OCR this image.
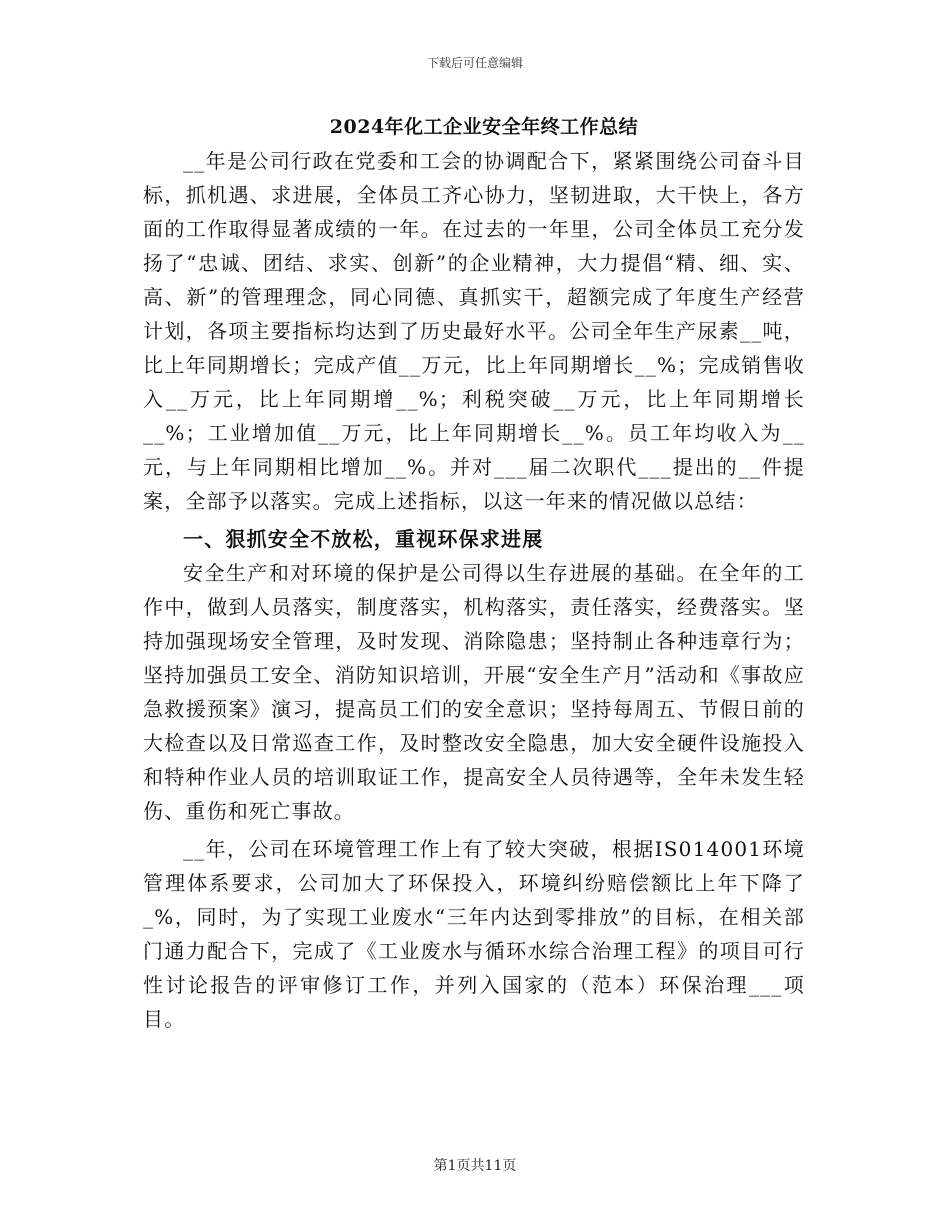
下载后可任意编辑
2024年化工企业安全年终工作总结

__年是公司行政在党委和工会的协调配合下，紧紧围绕公司奋斗目标，抓机遇、求进展，全体员工齐心协力，坚韧进取，大干快上，各方面的工作取得显著成绩的一年。在过去的一年里，公司全体员工充分发扬了“忠诚、团结、求实、创新”的企业精神，大力提倡“精、细、实、高、新”的管理理念，同心同德、真抓实干，超额完成了年度生产经营计划，各项主要指标均达到了历史最好水平。公司全年生产尿素__吨，比上年同期增长；完成产值__万元，比上年同期增长__%；完成销售收入__万元，比上年同期增__%；利税突破__万元，比上年同期增长__%；工业增加值__万元，比上年同期增长__%。员工年均收入为__元，与上年同期相比增加__%。并对___届二次职代___提出的__件提案，全部予以落实。完成上述指标，以这一年来的情况做以总结：

一、狠抓安全不放松，重视环保求进展

安全生产和对环境的保护是公司得以生存进展的基础。在全年的工作中，做到人员落实，制度落实，机构落实，责任落实，经费落实。坚持加强现场安全管理，及时发现、消除隐患；坚持制止各种违章行为；坚持加强员工安全、消防知识培训，开展“安全生产月”活动和《事故应急救援预案》演习，提高员工们的安全意识；坚持每周五、节假日前的大检查以及日常巡查工作，及时整改安全隐患，加大安全硬件设施投入和特种作业人员的培训取证工作，提高安全人员待遇等，全年未发生轻伤、重伤和死亡事故。

__年，公司在环境管理工作上有了较大突破，根据IS014001环境管理体系要求，公司加大了环保投入，环境纠纷赔偿额比上年下降了_%，同时，为了实现工业废水“三年内达到零排放”的目标，在相关部门通力配合下，完成了《工业废水与循环水综合治理工程》的项目可行性讨论报告的评审修订工作，并列入国家的（范本）环保治理___项目。

第1页共11页
